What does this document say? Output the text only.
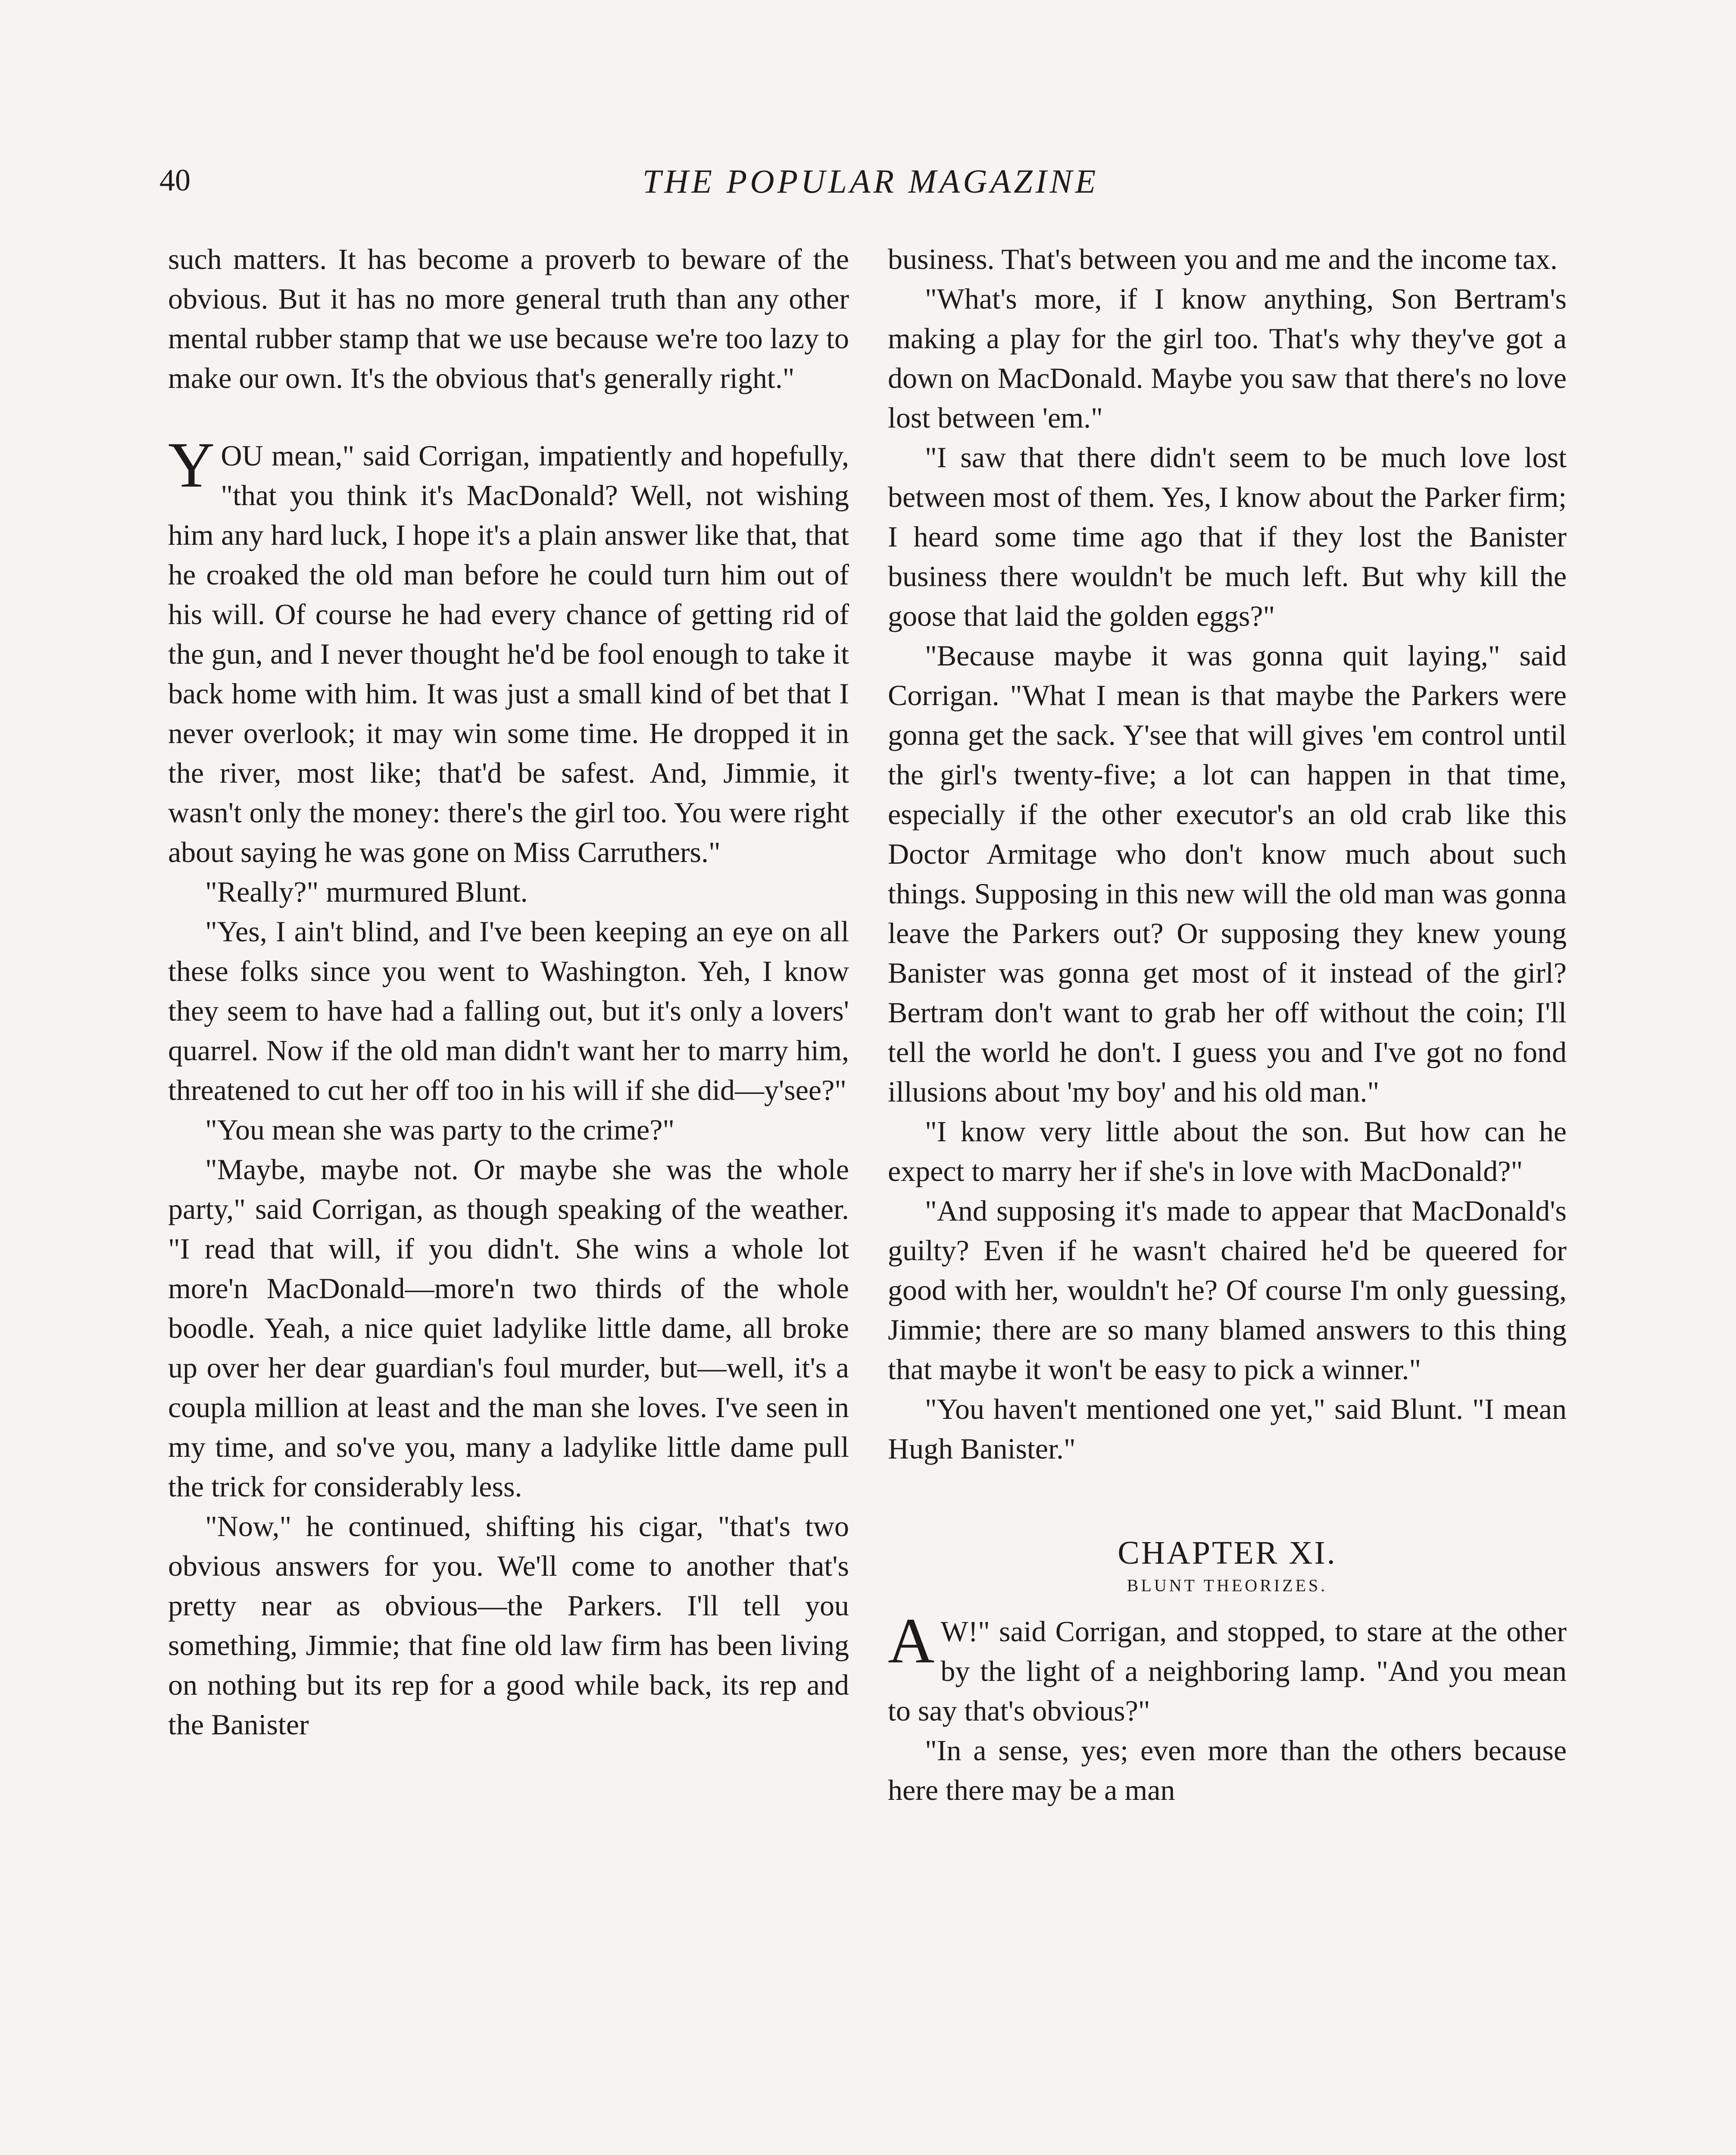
40	THE POPULAR MAGAZINE

such matters. It has become a proverb to beware of the obvious. But it has no more general truth than any other mental rubber stamp that we use because we're too lazy to make our own. It's the obvious that's generally right."

YOU mean," said Corrigan, impatiently and hopefully, "that you think it's MacDonald? Well, not wishing him any hard luck, I hope it's a plain answer like that, that he croaked the old man before he could turn him out of his will. Of course he had every chance of getting rid of the gun, and I never thought he'd be fool enough to take it back home with him. It was just a small kind of bet that I never overlook; it may win some time. He dropped it in the river, most like; that'd be safest. And, Jimmie, it wasn't only the money: there's the girl too. You were right about saying he was gone on Miss Carruthers."

"Really?" murmured Blunt.

"Yes, I ain't blind, and I've been keeping an eye on all these folks since you went to Washington. Yeh, I know they seem to have had a falling out, but it's only a lovers' quarrel. Now if the old man didn't want her to marry him, threatened to cut her off too in his will if she did—y'see?"

"You mean she was party to the crime?"

"Maybe, maybe not. Or maybe she was the whole party," said Corrigan, as though speaking of the weather. "I read that will, if you didn't. She wins a whole lot more'n MacDonald—more'n two thirds of the whole boodle. Yeah, a nice quiet ladylike little dame, all broke up over her dear guardian's foul murder, but—well, it's a coupla million at least and the man she loves. I've seen in my time, and so've you, many a ladylike little dame pull the trick for considerably less.

"Now," he continued, shifting his cigar, "that's two obvious answers for you. We'll come to another that's pretty near as obvious—the Parkers. I'll tell you something, Jimmie; that fine old law firm has been living on nothing but its rep for a good while back, its rep and the Banister

business. That's between you and me and the income tax.

"What's more, if I know anything, Son Bertram's making a play for the girl too. That's why they've got a down on MacDonald. Maybe you saw that there's no love lost between 'em."

"I saw that there didn't seem to be much love lost between most of them. Yes, I know about the Parker firm; I heard some time ago that if they lost the Banister business there wouldn't be much left. But why kill the goose that laid the golden eggs?"

"Because maybe it was gonna quit laying," said Corrigan. "What I mean is that maybe the Parkers were gonna get the sack. Y'see that will gives 'em control until the girl's twenty-five; a lot can happen in that time, especially if the other executor's an old crab like this Doctor Armitage who don't know much about such things. Supposing in this new will the old man was gonna leave the Parkers out? Or supposing they knew young Banister was gonna get most of it instead of the girl? Bertram don't want to grab her off without the coin; I'll tell the world he don't. I guess you and I've got no fond illusions about 'my boy' and his old man."

"I know very little about the son. But how can he expect to marry her if she's in love with MacDonald?"

"And supposing it's made to appear that MacDonald's guilty? Even if he wasn't chaired he'd be queered for good with her, wouldn't he? Of course I'm only guessing, Jimmie; there are so many blamed answers to this thing that maybe it won't be easy to pick a winner."

"You haven't mentioned one yet," said Blunt. "I mean Hugh Banister."

CHAPTER XI.
BLUNT THEORIZES.

A W!" said Corrigan, and stopped, to stare at the other by the light of a neighboring lamp. "And you mean to say that's obvious?"

"In a sense, yes; even more than the others because here there may be a man
